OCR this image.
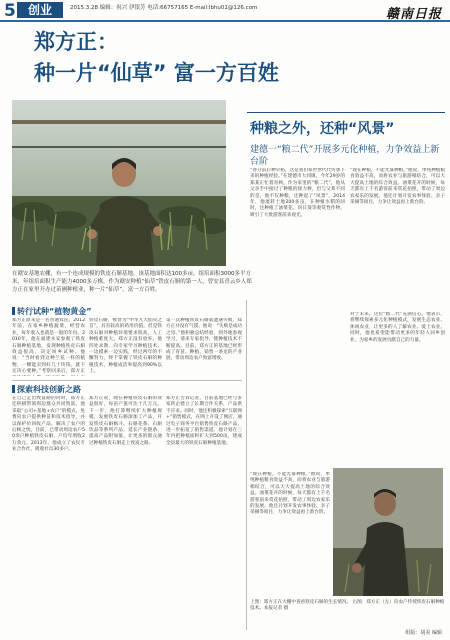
5	创业	2015.3.28 编辑：祝兴 伊银芳 电话:66757165 E-mail:lbhu01@126.com	赣南日报
郑方正：
种一片“仙草” 富一方百姓
在赣安基地农棚，有一个连成规模的铁皮石斛基地。该基地面积达100多亩，组培面积3000多平方米，年组培面积生产能力4000多万株。作为赣安种植“仙草”铁皮石斛的第一人，曾安县青云乡人郑方正在家里开办过苗圃种植业，种一片“仙草”，富一方百姓。
种粮之外，还种“风景”
建德一“粮二代”开展多元化种植，力争效益上新台阶
“春分前后种早稻，这是我们家世世代代传承下来的种植经验。”在建德市大同镇，今年29岁的郑某正忙着育秧。作为家里的“粮二代”，他从父亲手中接过了种粮的接力棒，但与父辈不同的是，他不仅种粮，还种起了“风景”。2014年，他流转土地200多亩，在种植水稻的同时，还种植了油菜花、向日葵等观赏性作物，吸引了大批游客前来观光。
“现在种粮，不能光靠种粮。”他说，单纯种植粮食效益不高，而将农业与旅游相结合，可以大大提高土地的综合效益。油菜花开的时候，每天都有上千名游客前来赏花拍照，带动了周边农家乐的发展。他还计划开发农事体验、亲子采摘等项目，力争让效益再上新台阶。
对于未来，这位“粮二代”充满信心。他表示，将继续探索多元化种植模式，发展生态农业、休闲农业，让更多的人了解农业、爱上农业。同时，他也希望能带动更多的年轻人回乡创业，为家乡的发展贡献自己的力量。
“现在种粮，不能光靠种粮。”他说，单纯种植粮食效益不高，而将农业与旅游相结合，可以大大提高土地的综合效益。油菜花开的时候，每天都有上千名游客前来赏花拍照，带动了周边农家乐的发展。他还计划开发农事体验、亲子采摘等项目，力争让效益再上新台阶。
转行试种“植物黄金”
郑方正原来是一名普通农民，2012年前，在家乡种植蔬菜，经营农业，每年收入也就是一般的年份。2010年，他在福建永安参观了铁皮石斛种植基地，发现种植铁皮石斛效益很高，决定回乡试种。他说：“当时看到这种兰花一样的植物，一棵能卖到好几十块钱，就下定决心要种。”考察回来后，郑方正
铁皮石斛，被誉为“中华九大仙草之首”，具有较高的药用价值。但是铁皮石斛对种植环境要求很高，人工种植难度大。郑方正没有放弃，他四处求教，向专家学习种植技术，一边摸索一边实践，经过两年的不懈努力，终于掌握了铁皮石斛的种植技术，种植成活率提高到90%以上。
第一次种植铁皮石斛就遭遇失败，郑方正并没有气馁。他说：“失败是成功之母。”他积极总结经验，到外地参观学习，请来专家指导，使种植技术不断提高。目前，郑方正的基地已经形成了育苗、种植、销售一条龙的产业链，带动周边农户致富增收。
探索科技创新之路
在自己走出致富路的同时，郑方正还积极带领周边群众共同致富。他采取“公司+基地+农户“的模式，免费向农户提供种苗和技术指导，并以保护价回收产品，解决了农户的后顾之忧。目前，已带动周边农户50余户种植铁皮石斛，户均年增收2万余元。2013年，他成立了农民专业合作社，吸收社员30多户。
郑方正说，现在种植铁皮石斛的效益很好，每亩产值可达十几万元。下一步，他打算继续扩大种植规模，发展铁皮石斛深加工产品，开发铁皮石斛枫斗、石斛花茶、石斛饮品等系列产品，延长产业链条，提高产品附加值，让更多的群众通过种植铁皮石斛走上致富之路。
郑方正告诉记者，目前基地已经与多家药企建立了长期合作关系，产品供不应求。同时，他还积极探索“互联网+”销售模式，在网上开设了网店，通过电子商务平台销售铁皮石斛产品，进一步拓宽了销售渠道。他计划在三年内把种植面积扩大到500亩，建成全县最大的铁皮石斛种植基地。
上图：郑方正在大棚中查看铁皮石斛的生长情况。 右图：郑方正（左）向农户传授铁皮石斛种植技术。本报记者 摄
组版：胡美 编辑
